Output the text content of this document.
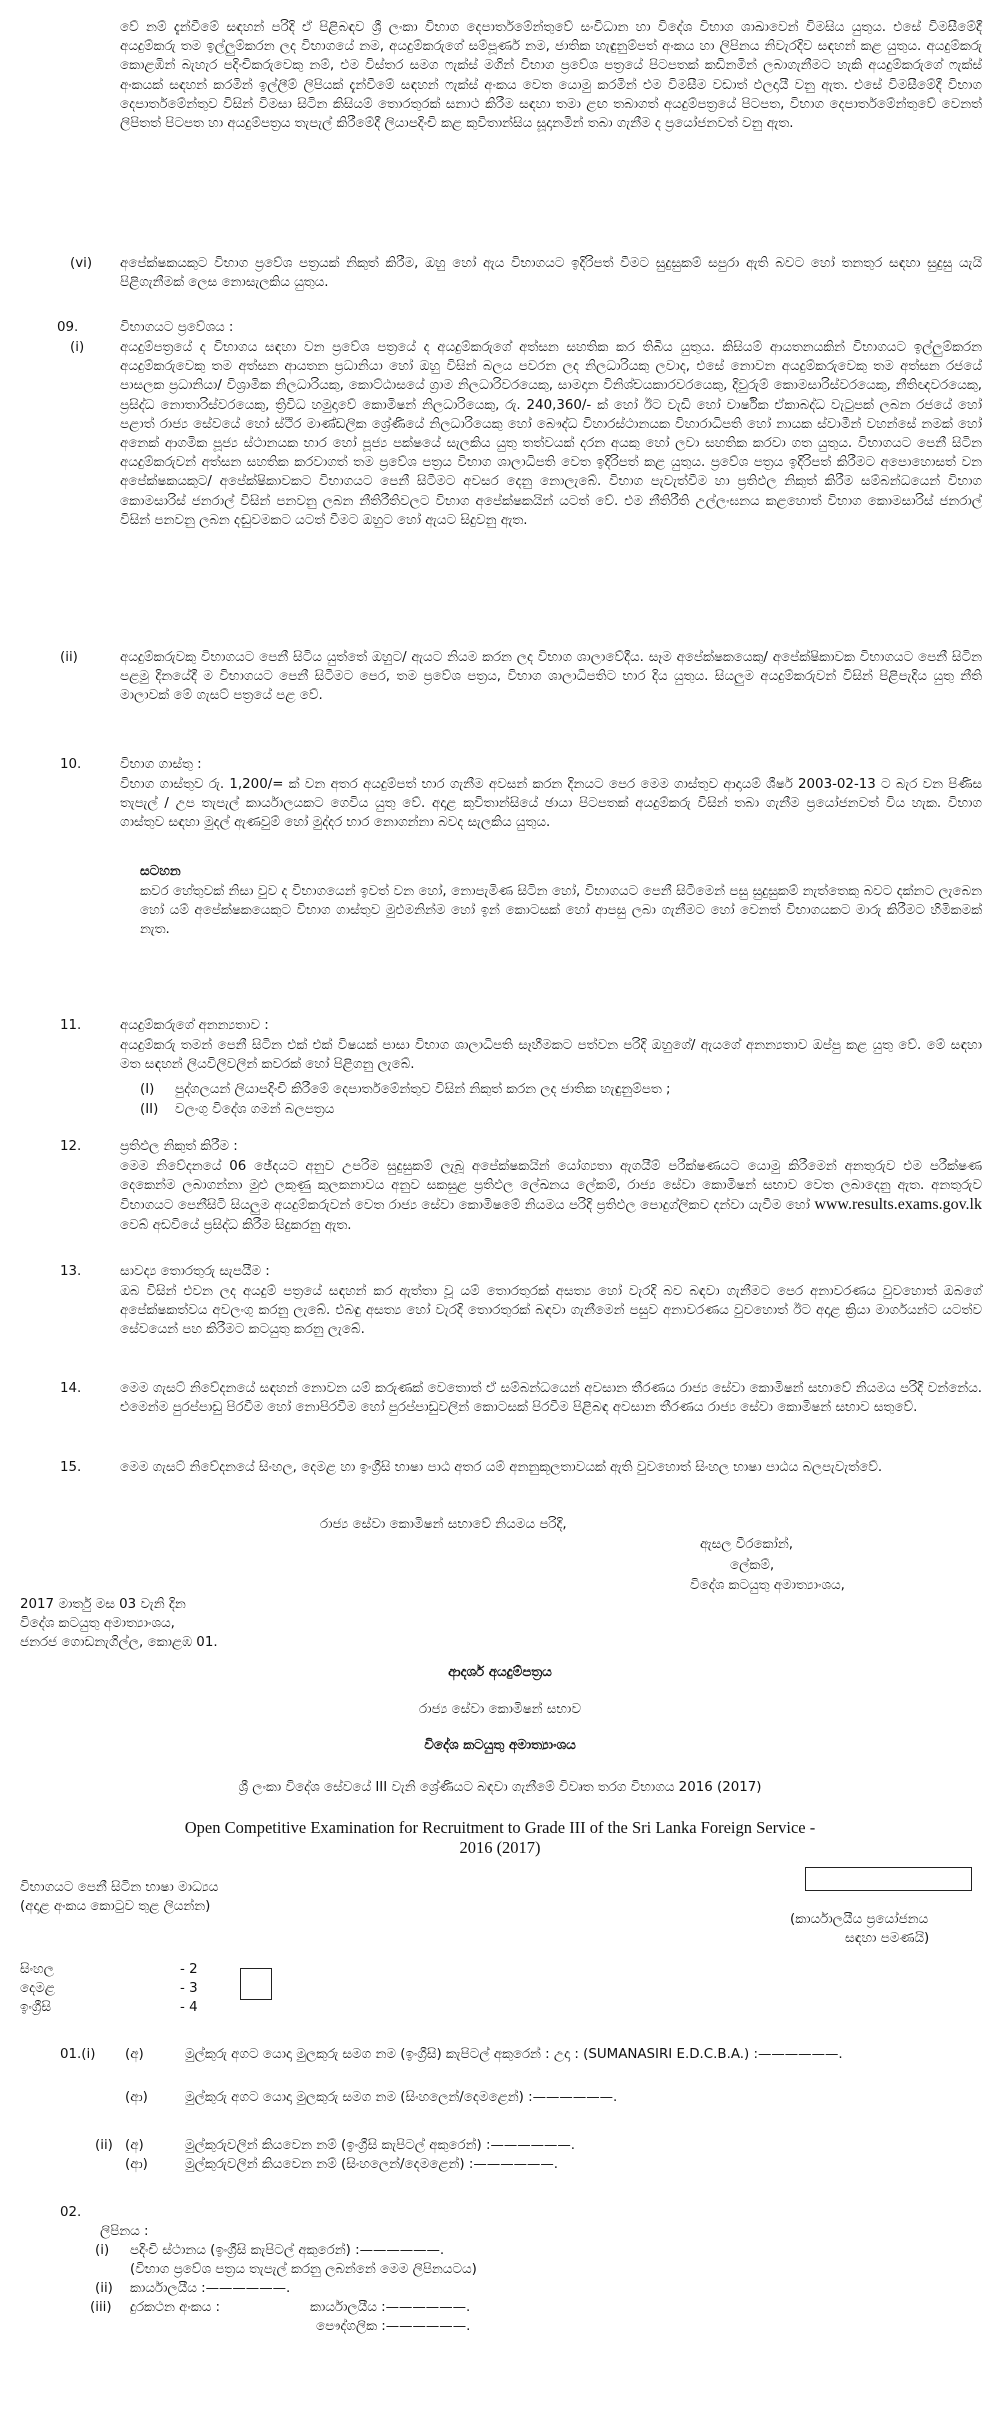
වේ නම් දැන්වීමේ සඳහන් පරිදි ඒ පිළිබඳව ශ්‍රී ලංකා විභාග දෙපාර්තමේන්තුවේ සංවිධාන හා විදේශ විභාග ශාඛාවෙන් විමසිය යුතුය. එසේ විමසීමේදී අයදුම්කරු තම ඉල්ලුම්කරන ලද විභාගයේ නම, අයදුම්කරුගේ සම්පූර්ණ නම, ජාතික හැඳුනුම්පත් අංකය හා ලිපිනය නිවැරදිව සඳහන් කළ යුතුය. අයදුම්කරු කොළඹින් බැහැර පදිංචිකරුවෙකු නම්, එම විස්තර සමග ෆැක්ස් මගින් විභාග ප්‍රවේශ පත්‍රයේ පිටපතක් කඩිනමින් ලබාගැනීමට හැකි අයදුම්කරුගේ ෆැක්ස් අංකයක් සඳහන් කරමින් ඉල්ලීම් ලිපියක් දැන්වීමේ සඳහන් ෆැක්ස් අංකය වෙත යොමු කරමින් එම විමසීම වඩාත් ඵලදායී වනු ඇත. එසේ විමසීමේදී විභාග දෙපාර්තමේන්තුව විසින් විමසා සිටින කිසියම් තොරතුරක් සනාථ කිරීම සඳහා තමා ළඟ තබාගත් අයදුම්පත්‍රයේ පිටපත, විභාග දෙපාර්තමේන්තුවේ වෙනත් ලිපිතත් පිටපත හා අයදුම්පත්‍රය තැපැල් කිරීමේදී ලියාපදිංචි කළ කුවිතාන්සිය සූදානමින් තබා ගැනීම ද ප්‍රයෝජනවත් වනු ඇත.
(vi) අපේක්ෂකයකුට විභාග ප්‍රවේශ පත්‍රයක් නිකුත් කිරීම, ඔහු හෝ ඇය විභාගයට ඉදිරිපත් වීමට සුදුසුකම් සපුරා ඇති බවට හෝ තනතුර සඳහා සුදුසු යැයි පිළිගැනීමක් ලෙස නොසැලකිය යුතුය.
09.	විභාගයට ප්‍රවේශය :
(i)	අයදුම්පත්‍රයේ ද විභාගය සඳහා වන ප්‍රවේශ පත්‍රයේ ද අයදුම්කරුගේ අත්සන සහතික කර තිබිය යුතුය. කිසියම් ආයතනයකින් විභාගයට ඉල්ලුම්කරන අයදුම්කරුවෙකු තම අත්සන ආයතන ප්‍රධානියා හෝ ඔහු විසින් බලය පවරන ලද නිලධාරියකු ලවාද, එසේ නොවන අයදුම්කරුවෙකු තම අත්සන රජයේ පාසලක ප්‍රධානියා/ විශ්‍රාමික නිලධාරියකු, කොට්ඨාසයේ ග්‍රාම නිලධාරිවරයෙකු, සාමදාන විනිශ්චයකාරවරයෙකු, දිවුරුම් කොමසාරිස්වරයෙකු, නීතිඥවරයෙකු, ප්‍රසිද්ධ නොතාරිස්වරයෙකු, ත්‍රිවිධ හමුදාවේ කොමිෂන් නිලධාරියෙකු, රු. 240,360/- ක් හෝ ඊට වැඩි හෝ වාර්ෂික ඒකාබද්ධ වැටුපක් ලබන රජයේ හෝ පළාත් රාජ්‍ය සේවයේ හෝ ස්ථිර මාණ්ඩලික ශ්‍රේණියේ නිලධාරියෙකු හෝ බෞද්ධ විහාරස්ථානයක විහාරාධිපති හෝ නායක ස්වාමීන් වහන්සේ නමක් හෝ අනෙක් ආගමික පූජ්‍ය ස්ථානයක භාර හෝ පූජ්‍ය පක්ෂයේ සැලකිය යුතු තත්වයක් දරන අයකු හෝ ලවා සහතික කරවා ගත යුතුය. විභාගයට පෙනී සිටින අයදුම්කරුවන් අත්සන සහතික කරවාගත් තම ප්‍රවේශ පත්‍රය විභාග ශාලාධිපති වෙත ඉදිරිපත් කළ යුතුය. ප්‍රවේශ පත්‍රය ඉදිරිපත් කිරීමට අපොහොසත් වන අපේක්ෂකයකුට/ අපේක්ෂිකාවකට විභාගයට පෙනී සිටීමට අවසර දෙනු නොලැබේ. විභාග පැවැත්වීම හා ප්‍රතිඵල නිකුත් කිරීම සම්බන්ධයෙන් විභාග කොමසාරිස් ජනරාල් විසින් පනවනු ලබන නීතිරීතිවලට විභාග අපේක්ෂකයින් යටත් වේ. එම නීතිරීති උල්ලංඝනය කළහොත් විභාග කොමසාරිස් ජනරාල් විසින් පනවනු ලබන දඬුවමකට යටත් වීමට ඔහුට හෝ ඇයට සිදුවනු ඇත.
(ii)	අයදුම්කරුවකු විභාගයට පෙනී සිටිය යුත්තේ ඔහුට/ ඇයට නියම කරන ලද විභාග ශාලාවේදීය. සෑම අපේක්ෂකයෙකු/ අපේක්ෂිකාවක විභාගයට පෙනී සිටින පළමු දිනයේදී ම විභාගයට පෙනී සිටීමට පෙර, තම ප්‍රවේශ පත්‍රය, විභාග ශාලාධිපතිට භාර දිය යුතුය. සියලුම අයදුම්කරුවන් විසින් පිළිපැදිය යුතු නීති මාලාවක් මේ ගැසට් පත්‍රයේ පළ වේ.
10.	විභාග ගාස්තු :
විභාග ගාස්තුව රු. 1,200/= ක් වන අතර අයදුම්පත් භාර ගැනීම අවසන් කරන දිනයට පෙර මෙම ගාස්තුව ආදායම් ශීර්ෂ 2003-02-13 ට බැර වන පිණිස තැපැල් / උප තැපැල් කාර්යාලයකට ගෙවිය යුතු වේ. අදාළ කුවිතාන්සියේ ඡායා පිටපතක් අයදුම්කරු විසින් තබා ගැනීම ප්‍රයෝජනවත් විය හැක. විභාග ගාස්තුව සඳහා මුදල් ඇණවුම් හෝ මුද්දර භාර නොගන්නා බවද සැලකිය යුතුය.
සටහන
කවර හේතුවක් නිසා වුව ද විභාගයෙන් ඉවත් වන හෝ, නොපැමිණ සිටින හෝ, විභාගයට පෙනී සිටීමෙන් පසු සුදුසුකම් නැත්තෙකු බවට දක්නට ලැබෙන හෝ යම් අපේක්ෂකයෙකුට විභාග ගාස්තුව මුළුමනින්ම හෝ ඉන් කොටසක් හෝ ආපසු ලබා ගැනීමට හෝ වෙනත් විභාගයකට මාරු කිරීමට හිමිකමක් නැත.
11.	අයදුම්කරුගේ අනන්‍යතාව :
අයදුම්කරු තමන් පෙනී සිටින එක් එක් විෂයක් පාසා විභාග ශාලාධිපති සෑහීමකට පත්වන පරිදි ඔහුගේ/ ඇයගේ අනන්‍යතාව ඔප්පු කළ යුතු වේ. මේ සඳහා මත සඳහන් ලියවිලිවලින් කවරක් හෝ පිළිගනු ලැබේ.
(I) පුද්ගලයන් ලියාපදිංචි කිරීමේ දෙපාර්තමේන්තුව විසින් නිකුත් කරන ලද ජාතික හැඳුනුම්පත ;
(II) වලංගු විදේශ ගමන් බලපත්‍රය
12.	ප්‍රතිඵල නිකුත් කිරීම :
මෙම නිවේදනයේ 06 ඡේදයට අනුව උපරිම සුදුසුකම් ලැබූ අපේක්ෂකයින් යෝග්‍යතා ඇගයීම් පරීක්ෂණයට යොමු කිරීමෙන් අනතුරුව එම පරීක්ෂණ දෙකෙන්ම ලබාගන්නා මුළු ලකුණු කුලකනාවය අනුව සකසුළ ප්‍රතිඵල ලේඛනය ලේකම්, රාජ්‍ය සේවා කොමිෂන් සභාව වෙත ලබාදෙනු ඇත. අනතුරුව විභාගයට පෙනීසිටි සියලුම අයදුම්කරුවන් වෙත රාජ්‍ය සේවා කොමිෂමේ නියමය පරිදි ප්‍රතිඵල පොදුග්ලිකව දන්වා යැවීම හෝ www.results.exams.gov.lk වෙබ් අඩවියේ ප්‍රසිද්ධ කිරීම සිදුකරනු ඇත.
13.	සාවද්‍ය තොරතුරු සැපයීම :
ඔබ විසින් එවන ලද අයදුම් පත්‍රයේ සඳහන් කර ඇත්තා වූ යම් තොරතුරක් අසත්‍ය හෝ වැරදි බව බඳවා ගැනීමට පෙර අනාවරණය වුවහොත් ඔබගේ අපේක්ෂකත්වය අවලංගු කරනු ලැබේ. එබඳු අසත්‍ය හෝ වැරදි තොරතුරක් බඳවා ගැනීමෙන් පසුව අනාවරණය වුවහොත් ඊට අදාළ ක්‍රියා මාර්ගයන්ට යටත්ව සේවයෙන් පහ කිරීමට කටයුතු කරනු ලැබේ.
14.	මෙම ගැසට් නිවේදනයේ සඳහන් නොවන යම් කරුණක් වෙතොත් ඒ සම්බන්ධයෙන් අවසාන තීරණය රාජ්‍ය සේවා කොමිෂන් සභාවේ නියමය පරිදි වන්නේය. එමෙන්ම පුරප්පාඩු පිරවීම හෝ නොපිරවීම හෝ පුරප්පාඩුවලින් කොටසක් පිරවීම පිළිබඳ අවසාන තීරණය රාජ්‍ය සේවා කොමිෂන් සභාව සතුවේ.
15.	මෙම ගැසට් නිවේදනයේ සිංහල, දෙමළ හා ඉංග්‍රීසි භාෂා පාඨ අතර යම් අනනුකූලතාවයක් ඇති වුවහොත් සිංහල භාෂා පාඨය බලපැවැත්වේ.
රාජ්‍ය සේවා කොමිෂන් සභාවේ නියමය පරිදි,
ඇසල වීරකෝන්,
ලේකම්,
විදේශ කටයුතු අමාත්‍යාංශය,
2017 මාර්තු මස 03 වැනි දින
විදේශ කටයුතු අමාත්‍යාංශය,
ජනරජ ගොඩනැගිල්ල, කොළඹ 01.
ආදර්ශ අයදුම්පත්‍රය
රාජ්‍ය සේවා කොමිෂන් සභාව
විදේශ කටයුතු අමාත්‍යාංශය
ශ්‍රී ලංකා විදේශ සේවයේ III වැනි ශ්‍රේණියට බඳවා ගැනීමේ විවෘත තරග විභාගය 2016 (2017)
Open Competitive Examination for Recruitment to Grade III of the Sri Lanka Foreign Service - 2016 (2017)
විභාගයට පෙනී සිටින භාෂා මාධ්‍යය
(අදාළ අංකය කොටුව තුළ ලියන්න)
(කාර්යාලයීය ප්‍රයෝජනය
සඳහා පමණයි)
සිංහල	- 2
දෙමළ	- 3
ඉංග්‍රීසි	- 4
01.(i) (අ)	මුල්කුරු අගට යොදා මුලකුරු සමග නම (ඉංග්‍රීසි) කැපිටල් අකුරෙන් : උදා : (SUMANASIRI E.D.C.B.A.) :——————.
(ආ)	මුල්කුරු අගට යොදා මුලකුරු සමග නම (සිංහලෙන්/දෙමළෙන්) :——————.
(ii) (අ)	මුල්කුරුවලින් කියවෙන නම් (ඉංග්‍රීසි කැපිටල් අකුරෙන්) :——————.
(ආ)	මුල්කුරුවලින් කියවෙන නම් (සිංහලෙන්/දෙමළෙන්) :——————.
02.
ලිපිනය :
(i) පදිංචි ස්ථානය (ඉංග්‍රීසි කැපිටල් අකුරෙන්) :——————.
(විභාග ප්‍රවේශ පත්‍රය තැපැල් කරනු ලබන්නේ මෙම ලිපිනයටය)
(ii) කාර්යාලයීය :——————.
(iii) දුරකථන අංකය :	කාර්යාලයීය :——————.
පෞද්ගලික :——————.
